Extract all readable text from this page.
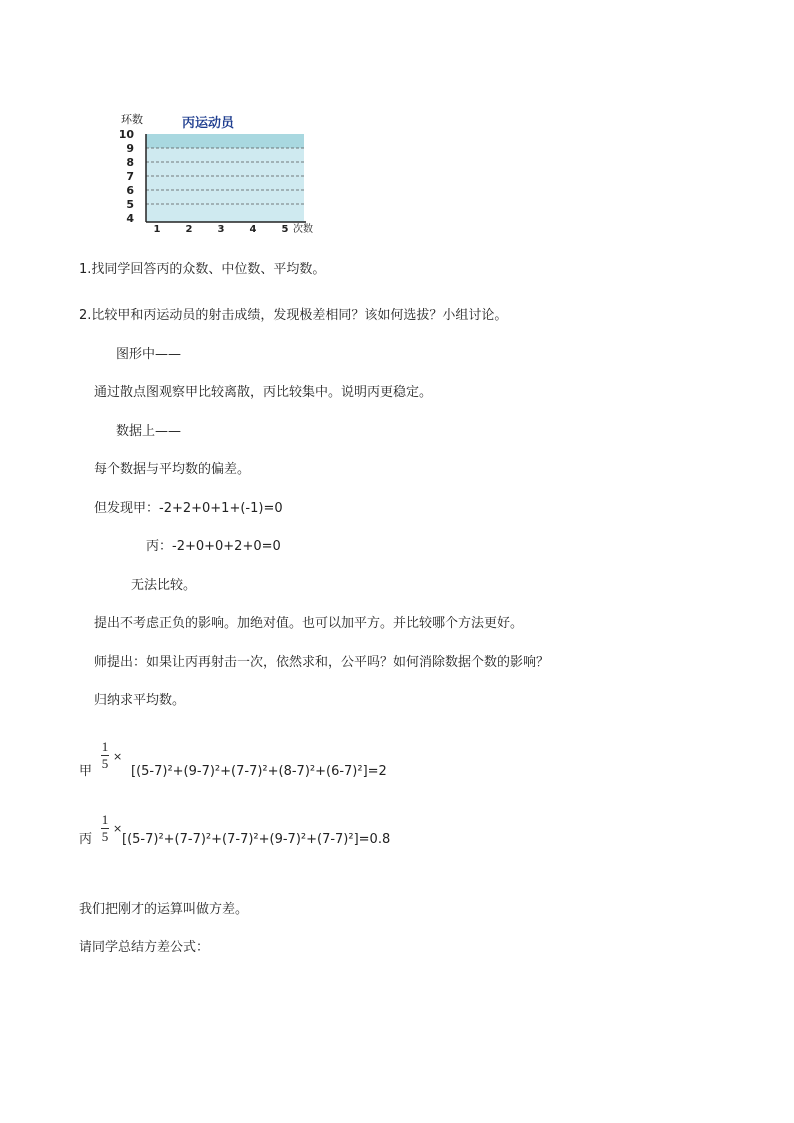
丙运动员
环数
次数
10
9
8
7
6
5
4
1	2	3	4	5
1.找同学回答丙的众数、中位数、平均数。
2.比较甲和丙运动员的射击成绩，发现极差相同？该如何选拔？小组讨论。
图形中——
通过散点图观察甲比较离散，丙比较集中。说明丙更稳定。
数据上——
每个数据与平均数的偏差。
但发现甲：-2+2+0+1+(-1)=0
丙：-2+0+0+2+0=0
无法比较。
提出不考虑正负的影响。加绝对值。也可以加平方。并比较哪个方法更好。
师提出：如果让丙再射击一次，依然求和，公平吗？如何消除数据个数的影响？
归纳求平均数。
甲
1
5 ×
[(5-7)²+(9-7)²+(7-7)²+(8-7)²+(6-7)²]=2
丙
1
5
×
[(5-7)²+(7-7)²+(7-7)²+(9-7)²+(7-7)²]=0.8
我们把刚才的运算叫做方差。
请同学总结方差公式：
